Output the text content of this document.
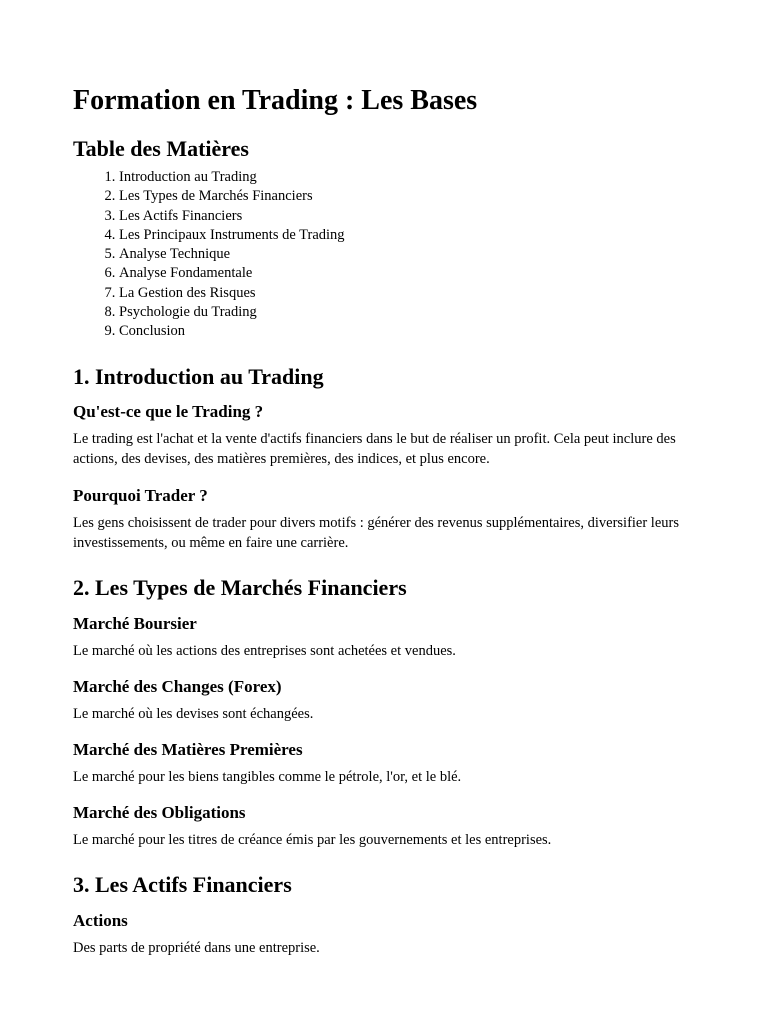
Formation en Trading : Les Bases
Table des Matières
1. Introduction au Trading
2. Les Types de Marchés Financiers
3. Les Actifs Financiers
4. Les Principaux Instruments de Trading
5. Analyse Technique
6. Analyse Fondamentale
7. La Gestion des Risques
8. Psychologie du Trading
9. Conclusion
1. Introduction au Trading
Qu'est-ce que le Trading ?

Le trading est l'achat et la vente d'actifs financiers dans le but de réaliser un profit. Cela peut inclure des actions, des devises, des matières premières, des indices, et plus encore.

Pourquoi Trader ?

Les gens choisissent de trader pour divers motifs : générer des revenus supplémentaires, diversifier leurs investissements, ou même en faire une carrière.

2. Les Types de Marchés Financiers
Marché Boursier

Le marché où les actions des entreprises sont achetées et vendues.

Marché des Changes (Forex)

Le marché où les devises sont échangées.

Marché des Matières Premières

Le marché pour les biens tangibles comme le pétrole, l'or, et le blé.

Marché des Obligations

Le marché pour les titres de créance émis par les gouvernements et les entreprises.

3. Les Actifs Financiers
Actions

Des parts de propriété dans une entreprise.
